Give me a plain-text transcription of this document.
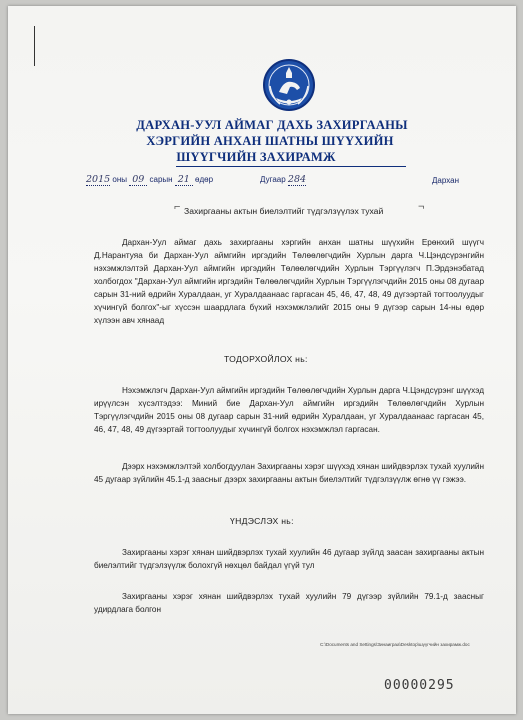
ДАРХАН-УУЛ АЙМАГ ДАХЬ ЗАХИРГААНЫ
ХЭРГИЙН АНХАН ШАТНЫ ШҮҮХИЙН
ШҮҮГЧИЙН ЗАХИРАМЖ
2015 оны 09 сарын 21 өдөр	Дугаар 284	Дархан
⌐ Захиргааны актын биелэлтийг түдгэлзүүлэх тухай	¬
Дархан-Уул аймаг дахь захиргааны хэргийн анхан шатны шүүхийн Ерөнхий шүүгч Д.Нарантуяа би Дархан-Уул аймгийн иргэдийн Төлөөлөгчдийн Хурлын дарга Ч.Цэндсүрэнгийн нэхэмжлэлтэй Дархан-Уул аймгийн иргэдийн Төлөөлөгчдийн Хурлын Тэргүүлэгч П.Эрдэнэбатад холбогдох "Дархан-Уул аймгийн иргэдийн Төлөөлөгчдийн Хурлын Тэргүүлэгчдийн 2015 оны 08 дугаар сарын 31-ний өдрийн Хуралдаан, уг Хуралдаанаас гаргасан 45, 46, 47, 48, 49 дүгээртай тогтоолуудыг хүчингүй болгох"-ыг хүссэн шаардлага бүхий нэхэмжлэлийг 2015 оны 9 дүгээр сарын 14-ны өдөр хүлээн авч хянаад
ТОДОРХОЙЛОХ нь:
Нэхэмжлэгч Дархан-Уул аймгийн иргэдийн Төлөөлөгчдийн Хурлын дарга Ч.Цэндсүрэнг шүүхэд ирүүлсэн хүсэлтэдээ: Миний бие Дархан-Уул аймгийн иргэдийн Төлөөлөгчдийн Хурлын Тэргүүлэгчдийн 2015 оны 08 дугаар сарын 31-ний өдрийн Хуралдаан, уг Хуралдаанаас гаргасан 45, 46, 47, 48, 49 дүгээртай тогтоолуудыг хүчингүй болгох нэхэмжлэл гаргасан.
Дээрх нэхэмжлэлтэй холбогдуулан Захиргааны хэрэг шүүхэд хянан шийдвэрлэх тухай хуулийн 45 дугаар зүйлийн 45.1-д заасныг дээрх захиргааны актын биелэлтийг түдгэлзүүлж өгнө үү гэжээ.
ҮНДЭСЛЭХ нь:
Захиргааны хэрэг хянан шийдвэрлэх тухай хуулийн 46 дугаар зүйлд заасан захиргааны актын биелэлтийг түдгэлзүүлж болохгүй нөхцөл байдал үгүй тул
Захиргааны хэрэг хянан шийдвэрлэх тухай хуулийн 79 дүгээр зүйлийн 79.1-д заасныг удирдлага болгон
C:\Documents and Settings\Зинаиграа\Desktop\шүүгчийн захирамж.doc
00000295
